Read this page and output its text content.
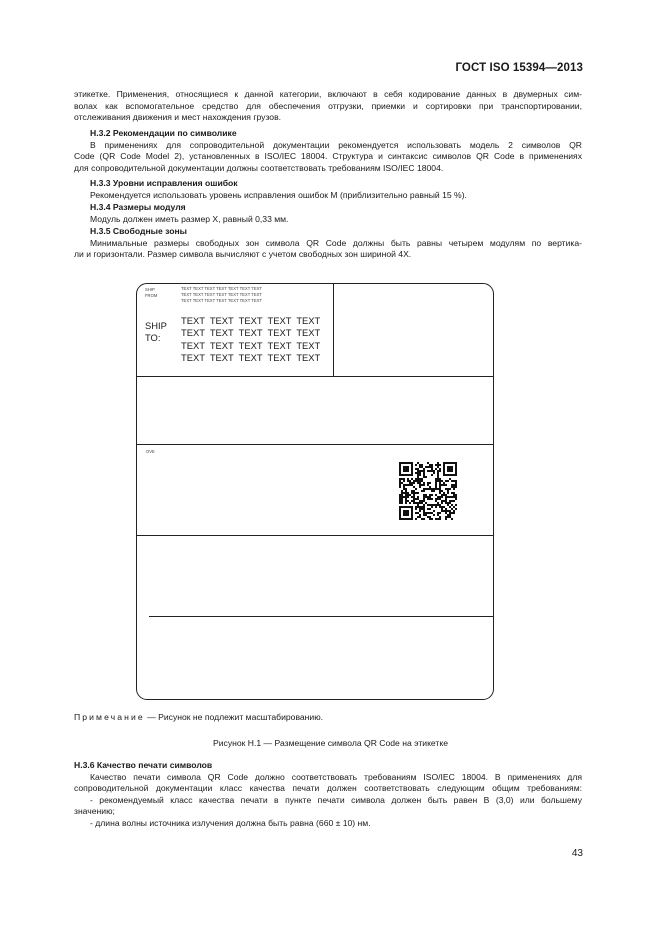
ГОСТ ISO 15394—2013

этикетке. Применения, относящиеся к данной категории, включают в себя кодирование данных в двумерных сим-

волах как вспомогательное средство для обеспечения отгрузки, приемки и сортировки при транспортировании,

отслеживания движения и мест нахождения грузов.

Н.3.2 Рекомендации по символике

В применениях для сопроводительной документации рекомендуется использовать модель 2 символов QR

Code (QR Code Model 2), установленных в ISO/IEC 18004. Структура и синтаксис символов QR Code в применениях

для сопроводительной документации должны соответствовать требованиям ISO/IEC 18004.

Н.3.3 Уровни исправления ошибок

Рекомендуется использовать уровень исправления ошибок М (приблизительно равный 15 %).

Н.3.4 Размеры модуля

Модуль должен иметь размер X, равный 0,33 мм.

Н.3.5 Свободные зоны

Минимальные размеры свободных зон символа QR Code должны быть равны четырем модулям по вертика-

ли и горизонтали. Размер символа вычисляют с учетом свободных зон шириной 4Х.

SHIP
FROM
TEXT TEXT TEXT TEXT TEXT TEXT TEXT
TEXT TEXT TEXT TEXT TEXT TEXT TEXT
TEXT TEXT TEXT TEXT TEXT TEXT TEXT
SHIP
TO:
TEXT  TEXT  TEXT  TEXT  TEXT
TEXT  TEXT  TEXT  TEXT  TEXT
TEXT  TEXT  TEXT  TEXT  TEXT
TEXT  TEXT  TEXT  TEXT  TEXT
OVE
Примечание — Рисунок не подлежит масштабированию.
Рисунок Н.1 — Размещение символа QR Code на этикетке

Н.3.6 Качество печати символов

Качество печати символа QR Code должно соответствовать требованиям ISO/IEC 18004. В применениях для

сопроводительной документации класс качества печати должен соответствовать следующим общим требованиям:

- рекомендуемый класс качества печати в пункте печати символа должен быть равен В (3,0) или большему

значению;

- длина волны источника излучения должна быть равна (660 ± 10) нм.

43
